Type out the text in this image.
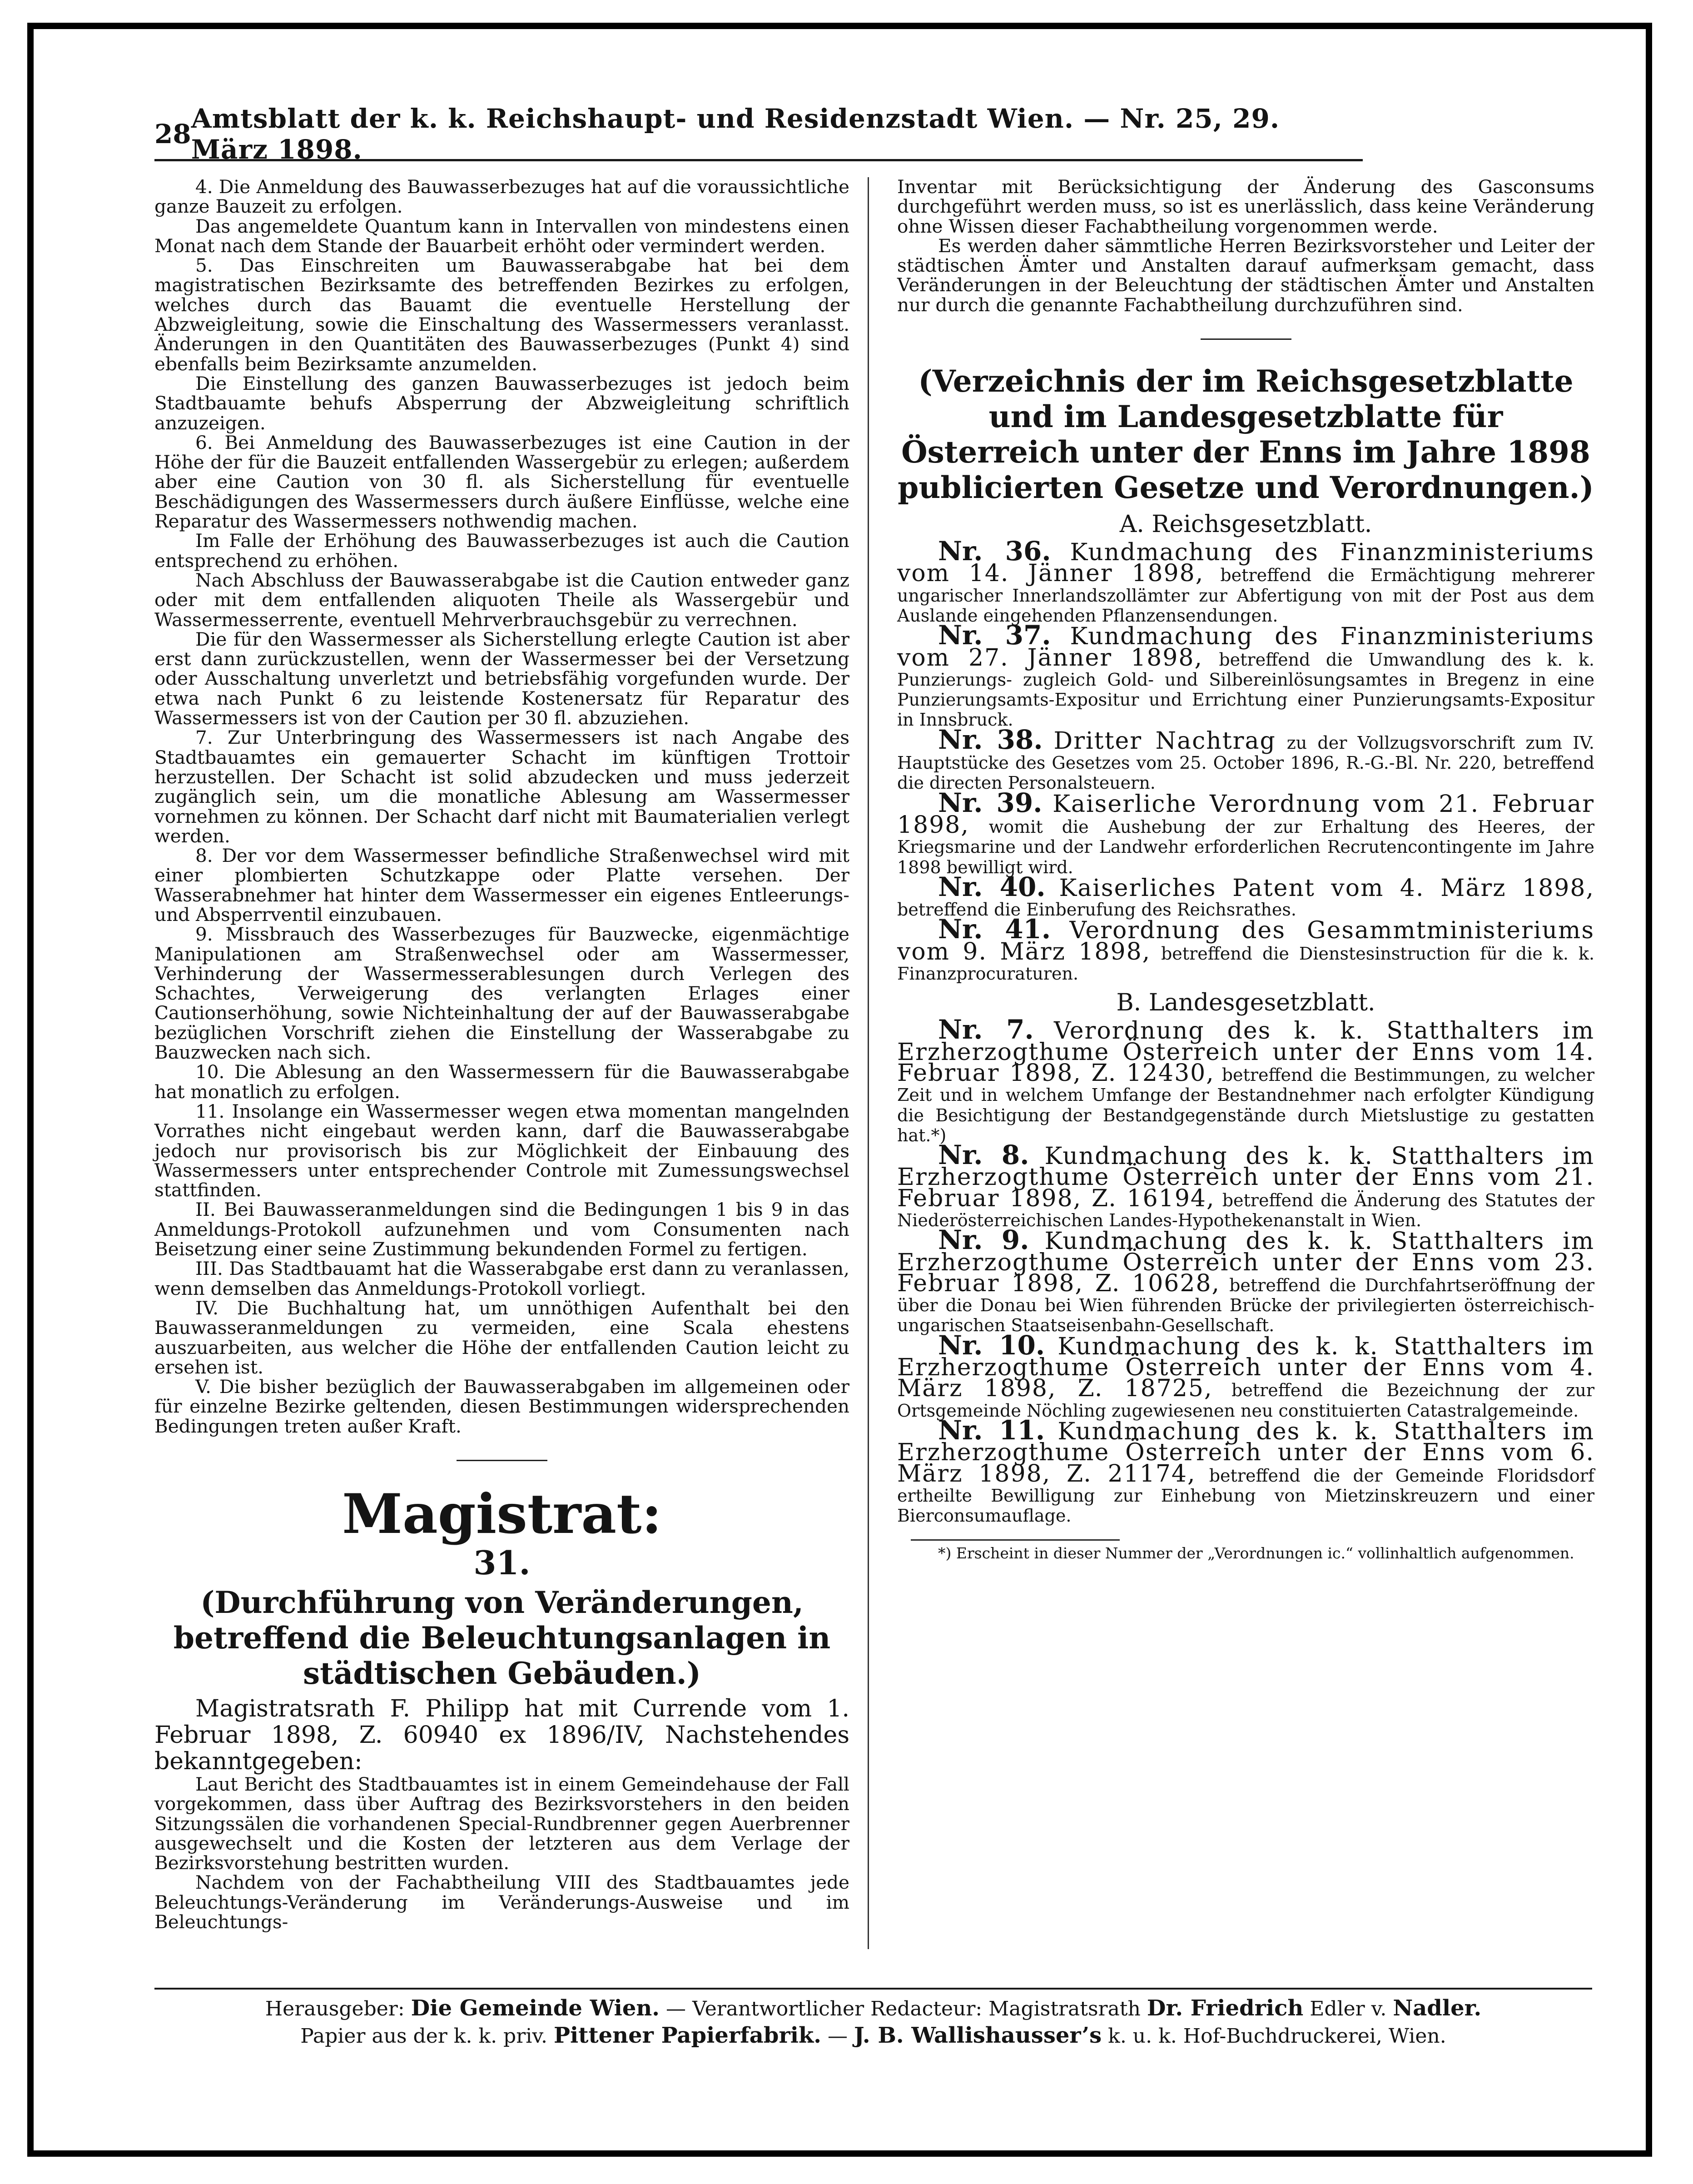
28 Amtsblatt der k. k. Reichshaupt- und Residenzstadt Wien. — Nr. 25, 29. März 1898.

4. Die Anmeldung des Bauwasserbezuges hat auf die voraussichtliche ganze Bauzeit zu erfolgen.

Das angemeldete Quantum kann in Intervallen von mindestens einen Monat nach dem Stande der Bauarbeit erhöht oder vermindert werden.

5. Das Einschreiten um Bauwasserabgabe hat bei dem magistratischen Bezirksamte des betreffenden Bezirkes zu erfolgen, welches durch das Bauamt die eventuelle Herstellung der Abzweigleitung, sowie die Einschaltung des Wassermessers veranlasst. Änderungen in den Quantitäten des Bauwasserbezuges (Punkt 4) sind ebenfalls beim Bezirksamte anzumelden.

Die Einstellung des ganzen Bauwasserbezuges ist jedoch beim Stadtbauamte behufs Absperrung der Abzweigleitung schriftlich anzuzeigen.

6. Bei Anmeldung des Bauwasserbezuges ist eine Caution in der Höhe der für die Bauzeit entfallenden Wassergebür zu erlegen; außerdem aber eine Caution von 30 fl. als Sicherstellung für eventuelle Beschädigungen des Wassermessers durch äußere Einflüsse, welche eine Reparatur des Wassermessers nothwendig machen.

Im Falle der Erhöhung des Bauwasserbezuges ist auch die Caution entsprechend zu erhöhen.

Nach Abschluss der Bauwasserabgabe ist die Caution entweder ganz oder mit dem entfallenden aliquoten Theile als Wassergebür und Wassermesserrente, eventuell Mehrverbrauchsgebür zu verrechnen.

Die für den Wassermesser als Sicherstellung erlegte Caution ist aber erst dann zurückzustellen, wenn der Wassermesser bei der Versetzung oder Ausschaltung unverletzt und betriebsfähig vorgefunden wurde. Der etwa nach Punkt 6 zu leistende Kostenersatz für Reparatur des Wassermessers ist von der Caution per 30 fl. abzuziehen.

7. Zur Unterbringung des Wassermessers ist nach Angabe des Stadtbauamtes ein gemauerter Schacht im künftigen Trottoir herzustellen. Der Schacht ist solid abzudecken und muss jederzeit zugänglich sein, um die monatliche Ablesung am Wassermesser vornehmen zu können. Der Schacht darf nicht mit Baumaterialien verlegt werden.

8. Der vor dem Wassermesser befindliche Straßenwechsel wird mit einer plombierten Schutzkappe oder Platte versehen. Der Wasserabnehmer hat hinter dem Wassermesser ein eigenes Entleerungs- und Absperrventil einzubauen.

9. Missbrauch des Wasserbezuges für Bauzwecke, eigenmächtige Manipulationen am Straßenwechsel oder am Wassermesser, Verhinderung der Wassermesserablesungen durch Verlegen des Schachtes, Verweigerung des verlangten Erlages einer Cautionserhöhung, sowie Nichteinhaltung der auf der Bauwasserabgabe bezüglichen Vorschrift ziehen die Einstellung der Wasserabgabe zu Bauzwecken nach sich.

10. Die Ablesung an den Wassermessern für die Bauwasserabgabe hat monatlich zu erfolgen.

11. Insolange ein Wassermesser wegen etwa momentan mangelnden Vorrathes nicht eingebaut werden kann, darf die Bauwasserabgabe jedoch nur provisorisch bis zur Möglichkeit der Einbauung des Wassermessers unter entsprechender Controle mit Zumessungswechsel stattfinden.

II. Bei Bauwasseranmeldungen sind die Bedingungen 1 bis 9 in das Anmeldungs-Protokoll aufzunehmen und vom Consumenten nach Beisetzung einer seine Zustimmung bekundenden Formel zu fertigen.

III. Das Stadtbauamt hat die Wasserabgabe erst dann zu veranlassen, wenn demselben das Anmeldungs-Protokoll vorliegt.

IV. Die Buchhaltung hat, um unnöthigen Aufenthalt bei den Bauwasseranmeldungen zu vermeiden, eine Scala ehestens auszuarbeiten, aus welcher die Höhe der entfallenden Caution leicht zu ersehen ist.

V. Die bisher bezüglich der Bauwasserabgaben im allgemeinen oder für einzelne Bezirke geltenden, diesen Bestimmungen widersprechenden Bedingungen treten außer Kraft.

Magistrat:
31.
(Durchführung von Veränderungen, betreffend die Beleuchtungsanlagen in städtischen Gebäuden.)

Magistratsrath F. Philipp hat mit Currende vom 1. Februar 1898, Z. 60940 ex 1896/IV, Nachstehendes bekanntgegeben:

Laut Bericht des Stadtbauamtes ist in einem Gemeindehause der Fall vorgekommen, dass über Auftrag des Bezirksvorstehers in den beiden Sitzungssälen die vorhandenen Special-Rundbrenner gegen Auerbrenner ausgewechselt und die Kosten der letzteren aus dem Verlage der Bezirksvorstehung bestritten wurden.

Nachdem von der Fachabtheilung VIII des Stadtbauamtes jede Beleuchtungs-Veränderung im Veränderungs-Ausweise und im Beleuchtungs-

Inventar mit Berücksichtigung der Änderung des Gasconsums durchgeführt werden muss, so ist es unerlässlich, dass keine Veränderung ohne Wissen dieser Fachabtheilung vorgenommen werde.

Es werden daher sämmtliche Herren Bezirksvorsteher und Leiter der städtischen Ämter und Anstalten darauf aufmerksam gemacht, dass Veränderungen in der Beleuchtung der städtischen Ämter und Anstalten nur durch die genannte Fachabtheilung durchzuführen sind.

(Verzeichnis der im Reichsgesetzblatte und im Landesgesetzblatte für Österreich unter der Enns im Jahre 1898 publicierten Gesetze und Verordnungen.)
A. Reichsgesetzblatt.

Nr. 36. Kundmachung des Finanzministeriums vom 14. Jänner 1898, betreffend die Ermächtigung mehrerer ungarischer Innerlandszollämter zur Abfertigung von mit der Post aus dem Auslande eingehenden Pflanzensendungen.

Nr. 37. Kundmachung des Finanzministeriums vom 27. Jänner 1898, betreffend die Umwandlung des k. k. Punzierungs- zugleich Gold- und Silbereinlösungsamtes in Bregenz in eine Punzierungsamts-Expositur und Errichtung einer Punzierungsamts-Expositur in Innsbruck.

Nr. 38. Dritter Nachtrag zu der Vollzugsvorschrift zum IV. Hauptstücke des Gesetzes vom 25. October 1896, R.-G.-Bl. Nr. 220, betreffend die directen Personalsteuern.

Nr. 39. Kaiserliche Verordnung vom 21. Februar 1898, womit die Aushebung der zur Erhaltung des Heeres, der Kriegsmarine und der Landwehr erforderlichen Recrutencontingente im Jahre 1898 bewilligt wird.

Nr. 40. Kaiserliches Patent vom 4. März 1898, betreffend die Einberufung des Reichsrathes.

Nr. 41. Verordnung des Gesammtministeriums vom 9. März 1898, betreffend die Dienstesinstruction für die k. k. Finanzprocuraturen.

B. Landesgesetzblatt.

Nr. 7. Verordnung des k. k. Statthalters im Erzherzogthume Österreich unter der Enns vom 14. Februar 1898, Z. 12430, betreffend die Bestimmungen, zu welcher Zeit und in welchem Umfange der Bestandnehmer nach erfolgter Kündigung die Besichtigung der Bestandgegenstände durch Mietslustige zu gestatten hat.*)

Nr. 8. Kundmachung des k. k. Statthalters im Erzherzogthume Österreich unter der Enns vom 21. Februar 1898, Z. 16194, betreffend die Änderung des Statutes der Niederösterreichischen Landes-Hypothekenanstalt in Wien.

Nr. 9. Kundmachung des k. k. Statthalters im Erzherzogthume Österreich unter der Enns vom 23. Februar 1898, Z. 10628, betreffend die Durchfahrtseröffnung der über die Donau bei Wien führenden Brücke der privilegierten österreichisch-ungarischen Staatseisenbahn-Gesellschaft.

Nr. 10. Kundmachung des k. k. Statthalters im Erzherzogthume Österreich unter der Enns vom 4. März 1898, Z. 18725, betreffend die Bezeichnung der zur Ortsgemeinde Nöchling zugewiesenen neu constituierten Catastralgemeinde.

Nr. 11. Kundmachung des k. k. Statthalters im Erzherzogthume Österreich unter der Enns vom 6. März 1898, Z. 21174, betreffend die der Gemeinde Floridsdorf ertheilte Bewilligung zur Einhebung von Mietzinskreuzern und einer Bierconsumauflage.

*) Erscheint in dieser Nummer der „Verordnungen ic.“ vollinhaltlich aufgenommen.

Herausgeber: Die Gemeinde Wien. — Verantwortlicher Redacteur: Magistratsrath Dr. Friedrich Edler v. Nadler.
Papier aus der k. k. priv. Pittener Papierfabrik. — J. B. Wallishausser’s k. u. k. Hof-Buchdruckerei, Wien.
